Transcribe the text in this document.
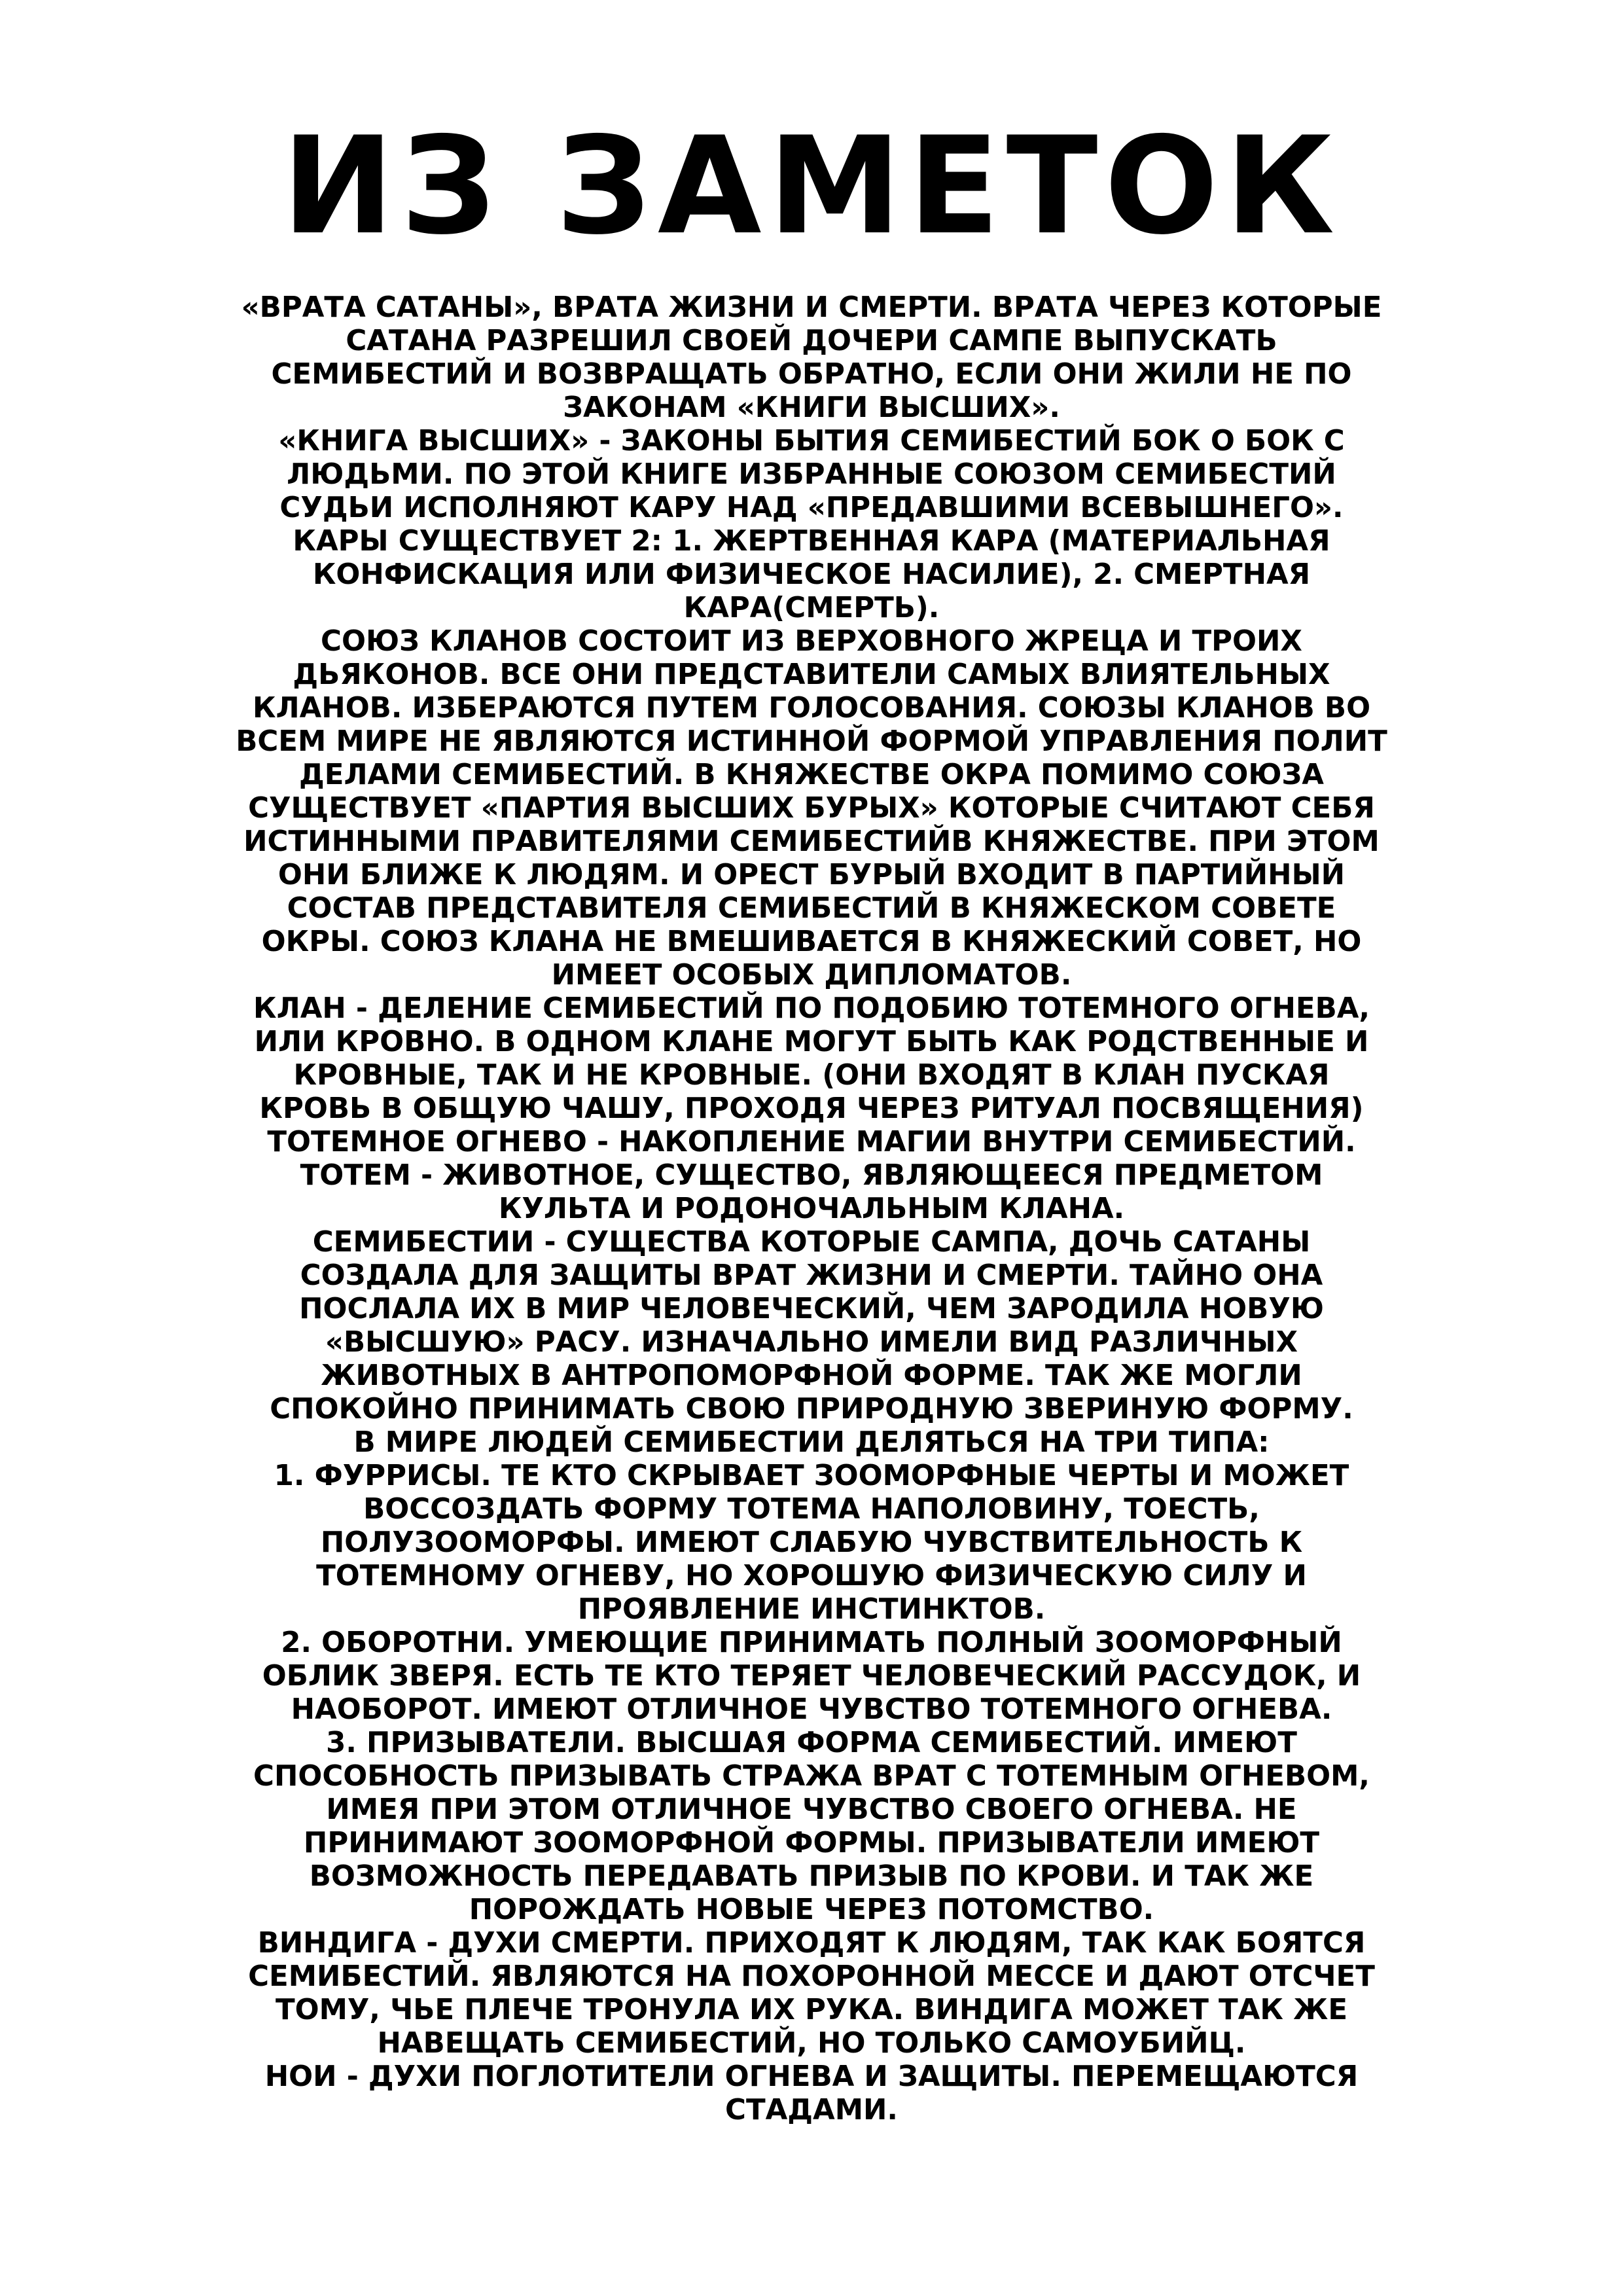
ИЗ ЗАМЕТОК

«ВРАТА САТАНЫ», ВРАТА ЖИЗНИ И СМЕРТИ. ВРАТА ЧЕРЕЗ КОТОРЫЕ САТАНА РАЗРЕШИЛ СВОЕЙ ДОЧЕРИ САМПЕ ВЫПУСКАТЬ СЕМИБЕСТИЙ И ВОЗВРАЩАТЬ ОБРАТНО, ЕСЛИ ОНИ ЖИЛИ НЕ ПО ЗАКОНАМ «КНИГИ ВЫСШИХ».

«КНИГА ВЫСШИХ» - ЗАКОНЫ БЫТИЯ СЕМИБЕСТИЙ БОК О БОК С ЛЮДЬМИ. ПО ЭТОЙ КНИГЕ ИЗБРАННЫЕ СОЮЗОМ СЕМИБЕСТИЙ СУДЬИ ИСПОЛНЯЮТ КАРУ НАД «ПРЕДАВШИМИ ВСЕВЫШНЕГО». КАРЫ СУЩЕСТВУЕТ 2: 1. ЖЕРТВЕННАЯ КАРА (МАТЕРИАЛЬНАЯ КОНФИСКАЦИЯ ИЛИ ФИЗИЧЕСКОЕ НАСИЛИЕ), 2. СМЕРТНАЯ КАРА(СМЕРТЬ).

СОЮЗ КЛАНОВ СОСТОИТ ИЗ ВЕРХОВНОГО ЖРЕЦА И ТРОИХ ДЬЯКОНОВ. ВСЕ ОНИ ПРЕДСТАВИТЕЛИ САМЫХ ВЛИЯТЕЛЬНЫХ КЛАНОВ. ИЗБЕРАЮТСЯ ПУТЕМ ГОЛОСОВАНИЯ. СОЮЗЫ КЛАНОВ ВО ВСЕМ МИРЕ НЕ ЯВЛЯЮТСЯ ИСТИННОЙ ФОРМОЙ УПРАВЛЕНИЯ ПОЛИТ ДЕЛАМИ СЕМИБЕСТИЙ. В КНЯЖЕСТВЕ ОКРА ПОМИМО СОЮЗА СУЩЕСТВУЕТ «ПАРТИЯ ВЫСШИХ БУРЫХ» КОТОРЫЕ СЧИТАЮТ СЕБЯ ИСТИННЫМИ ПРАВИТЕЛЯМИ СЕМИБЕСТИЙВ КНЯЖЕСТВЕ. ПРИ ЭТОМ ОНИ БЛИЖЕ К ЛЮДЯМ. И ОРЕСТ БУРЫЙ ВХОДИТ В ПАРТИЙНЫЙ СОСТАВ ПРЕДСТАВИТЕЛЯ СЕМИБЕСТИЙ В КНЯЖЕСКОМ СОВЕТЕ ОКРЫ. СОЮЗ КЛАНА НЕ ВМЕШИВАЕТСЯ В КНЯЖЕСКИЙ СОВЕТ, НО ИМЕЕТ ОСОБЫХ ДИПЛОМАТОВ.

КЛАН - ДЕЛЕНИЕ СЕМИБЕСТИЙ ПО ПОДОБИЮ ТОТЕМНОГО ОГНЕВА, ИЛИ КРОВНО. В ОДНОМ КЛАНЕ МОГУТ БЫТЬ КАК РОДСТВЕННЫЕ И КРОВНЫЕ, ТАК И НЕ КРОВНЫЕ. (ОНИ ВХОДЯТ В КЛАН ПУСКАЯ КРОВЬ В ОБЩУЮ ЧАШУ, ПРОХОДЯ ЧЕРЕЗ РИТУАЛ ПОСВЯЩЕНИЯ)

ТОТЕМНОЕ ОГНЕВО - НАКОПЛЕНИЕ МАГИИ ВНУТРИ СЕМИБЕСТИЙ.

ТОТЕМ - ЖИВОТНОЕ, СУЩЕСТВО, ЯВЛЯЮЩЕЕСЯ ПРЕДМЕТОМ КУЛЬТА И РОДОНОЧАЛЬНЫМ КЛАНА.

СЕМИБЕСТИИ - СУЩЕСТВА КОТОРЫЕ САМПА, ДОЧЬ САТАНЫ СОЗДАЛА ДЛЯ ЗАЩИТЫ ВРАТ ЖИЗНИ И СМЕРТИ. ТАЙНО ОНА ПОСЛАЛА ИХ В МИР ЧЕЛОВЕЧЕСКИЙ, ЧЕМ ЗАРОДИЛА НОВУЮ «ВЫСШУЮ» РАСУ. ИЗНАЧАЛЬНО ИМЕЛИ ВИД РАЗЛИЧНЫХ ЖИВОТНЫХ В АНТРОПОМОРФНОЙ ФОРМЕ. ТАК ЖЕ МОГЛИ СПОКОЙНО ПРИНИМАТЬ СВОЮ ПРИРОДНУЮ ЗВЕРИНУЮ ФОРМУ.

В МИРЕ ЛЮДЕЙ СЕМИБЕСТИИ ДЕЛЯТЬСЯ НА ТРИ ТИПА:

1. ФУРРИСЫ. ТЕ КТО СКРЫВАЕТ ЗООМОРФНЫЕ ЧЕРТЫ И МОЖЕТ ВОССОЗДАТЬ ФОРМУ ТОТЕМА НАПОЛОВИНУ, ТОЕСТЬ, ПОЛУЗООМОРФЫ. ИМЕЮТ СЛАБУЮ ЧУВСТВИТЕЛЬНОСТЬ К ТОТЕМНОМУ ОГНЕВУ, НО ХОРОШУЮ ФИЗИЧЕСКУЮ СИЛУ И ПРОЯВЛЕНИЕ ИНСТИНКТОВ.

2. ОБОРОТНИ. УМЕЮЩИЕ ПРИНИМАТЬ ПОЛНЫЙ ЗООМОРФНЫЙ ОБЛИК ЗВЕРЯ. ЕСТЬ ТЕ КТО ТЕРЯЕТ ЧЕЛОВЕЧЕСКИЙ РАССУДОК, И НАОБОРОТ. ИМЕЮТ ОТЛИЧНОЕ ЧУВСТВО ТОТЕМНОГО ОГНЕВА.

3. ПРИЗЫВАТЕЛИ. ВЫСШАЯ ФОРМА СЕМИБЕСТИЙ. ИМЕЮТ СПОСОБНОСТЬ ПРИЗЫВАТЬ СТРАЖА ВРАТ С ТОТЕМНЫМ ОГНЕВОМ, ИМЕЯ ПРИ ЭТОМ ОТЛИЧНОЕ ЧУВСТВО СВОЕГО ОГНЕВА. НЕ ПРИНИМАЮТ ЗООМОРФНОЙ ФОРМЫ. ПРИЗЫВАТЕЛИ ИМЕЮТ ВОЗМОЖНОСТЬ ПЕРЕДАВАТЬ ПРИЗЫВ ПО КРОВИ. И ТАК ЖЕ ПОРОЖДАТЬ НОВЫЕ ЧЕРЕЗ ПОТОМСТВО.

ВИНДИГА - ДУХИ СМЕРТИ. ПРИХОДЯТ К ЛЮДЯМ, ТАК КАК БОЯТСЯ СЕМИБЕСТИЙ. ЯВЛЯЮТСЯ НА ПОХОРОННОЙ МЕССЕ И ДАЮТ ОТСЧЕТ ТОМУ, ЧЬЕ ПЛЕЧЕ ТРОНУЛА ИХ РУКА. ВИНДИГА МОЖЕТ ТАК ЖЕ НАВЕЩАТЬ СЕМИБЕСТИЙ, НО ТОЛЬКО САМОУБИЙЦ.

НОИ - ДУХИ ПОГЛОТИТЕЛИ ОГНЕВА И ЗАЩИТЫ. ПЕРЕМЕЩАЮТСЯ СТАДАМИ.
